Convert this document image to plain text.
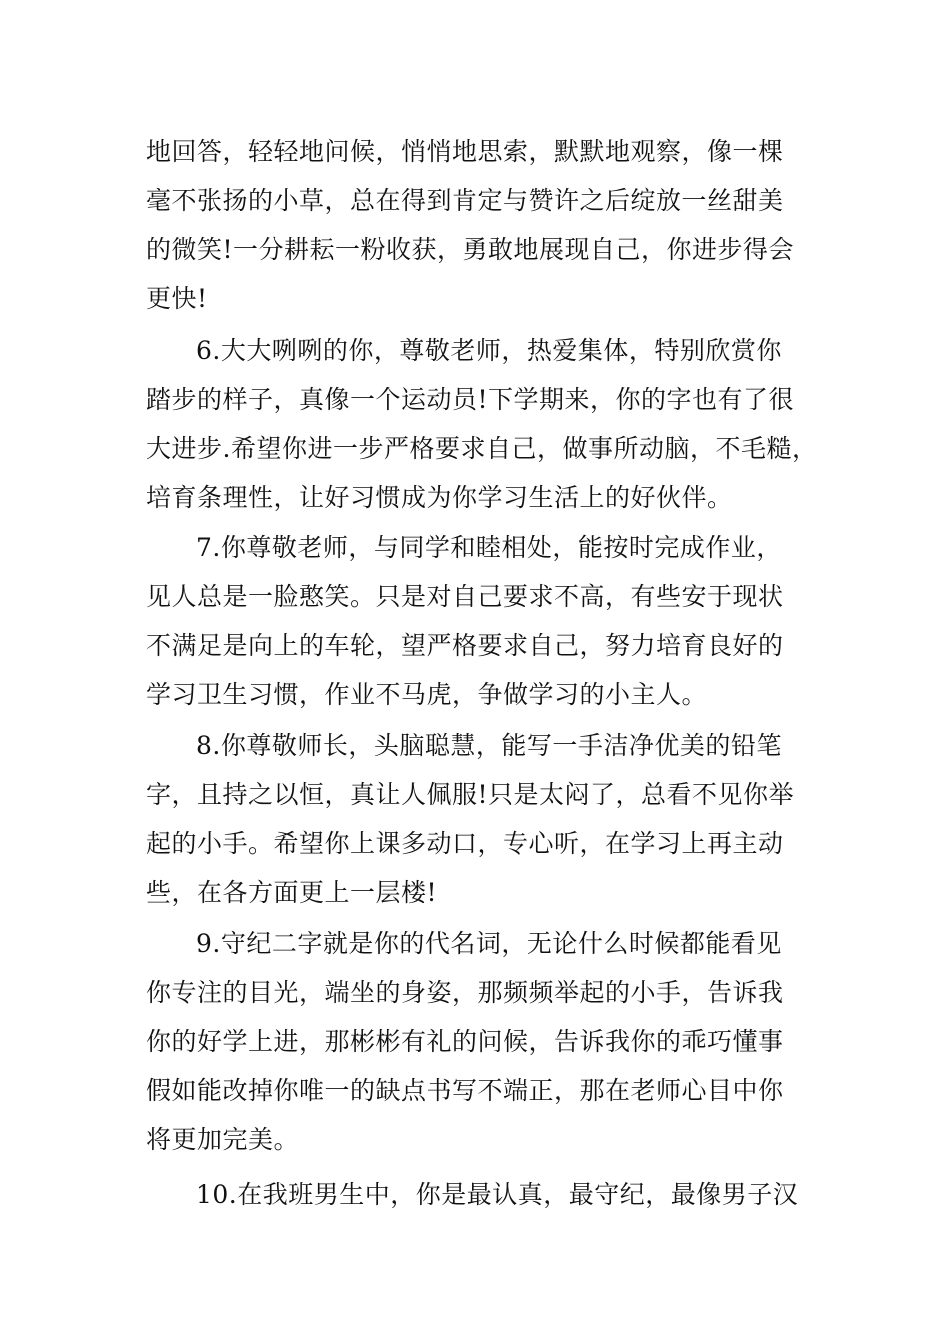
地回答，轻轻地问候，悄悄地思索，默默地观察，像一棵
毫不张扬的小草，总在得到肯定与赞许之后绽放一丝甜美
的微笑!一分耕耘一粉收获，勇敢地展现自己，你进步得会
更快!
6.大大咧咧的你，尊敬老师，热爱集体，特别欣赏你
踏步的样子，真像一个运动员!下学期来，你的字也有了很
大进步.希望你进一步严格要求自己，做事所动脑，不毛糙，
培育条理性，让好习惯成为你学习生活上的好伙伴。
7.你尊敬老师，与同学和睦相处，能按时完成作业，
见人总是一脸憨笑。只是对自己要求不高，有些安于现状
不满足是向上的车轮，望严格要求自己，努力培育良好的
学习卫生习惯，作业不马虎，争做学习的小主人。
8.你尊敬师长，头脑聪慧，能写一手洁净优美的铅笔
字，且持之以恒，真让人佩服!只是太闷了，总看不见你举
起的小手。希望你上课多动口，专心听，在学习上再主动
些，在各方面更上一层楼!
9.守纪二字就是你的代名词，无论什么时候都能看见
你专注的目光，端坐的身姿，那频频举起的小手，告诉我
你的好学上进，那彬彬有礼的问候，告诉我你的乖巧懂事
假如能改掉你唯一的缺点书写不端正，那在老师心目中你
将更加完美。
10.在我班男生中，你是最认真，最守纪，最像男子汉
